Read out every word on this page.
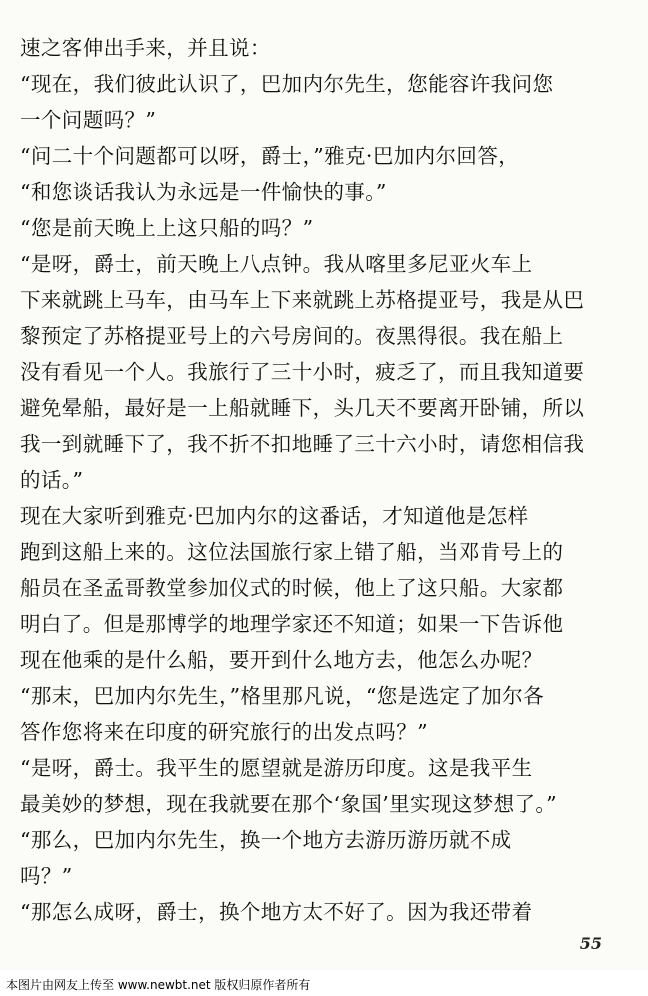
速之客伸出手来，并且说：
“现在，我们彼此认识了，巴加内尔先生，您能容许我问您
一个问题吗？”
“问二十个问题都可以呀，爵士，”雅克·巴加内尔回答，
“和您谈话我认为永远是一件愉快的事。”
“您是前天晚上上这只船的吗？”
“是呀，爵士，前天晚上八点钟。我从喀里多尼亚火车上
下来就跳上马车，由马车上下来就跳上苏格提亚号，我是从巴
黎预定了苏格提亚号上的六号房间的。夜黑得很。我在船上
没有看见一个人。我旅行了三十小时，疲乏了，而且我知道要
避免晕船，最好是一上船就睡下，头几天不要离开卧铺，所以
我一到就睡下了，我不折不扣地睡了三十六小时，请您相信我
的话。”
现在大家听到雅克·巴加内尔的这番话，才知道他是怎样
跑到这船上来的。这位法国旅行家上错了船，当邓肯号上的
船员在圣孟哥教堂参加仪式的时候，他上了这只船。大家都
明白了。但是那博学的地理学家还不知道；如果一下告诉他
现在他乘的是什么船，要开到什么地方去，他怎么办呢？
“那末，巴加内尔先生，”格里那凡说，“您是选定了加尔各
答作您将来在印度的研究旅行的出发点吗？”
“是呀，爵士。我平生的愿望就是游历印度。这是我平生
最美妙的梦想，现在我就要在那个‘象国’里实现这梦想了。”
“那么，巴加内尔先生，换一个地方去游历游历就不成
吗？”
“那怎么成呀，爵士，换个地方太不好了。因为我还带着
55
本图片由网友上传至 www.newbt.net 版权归原作者所有
